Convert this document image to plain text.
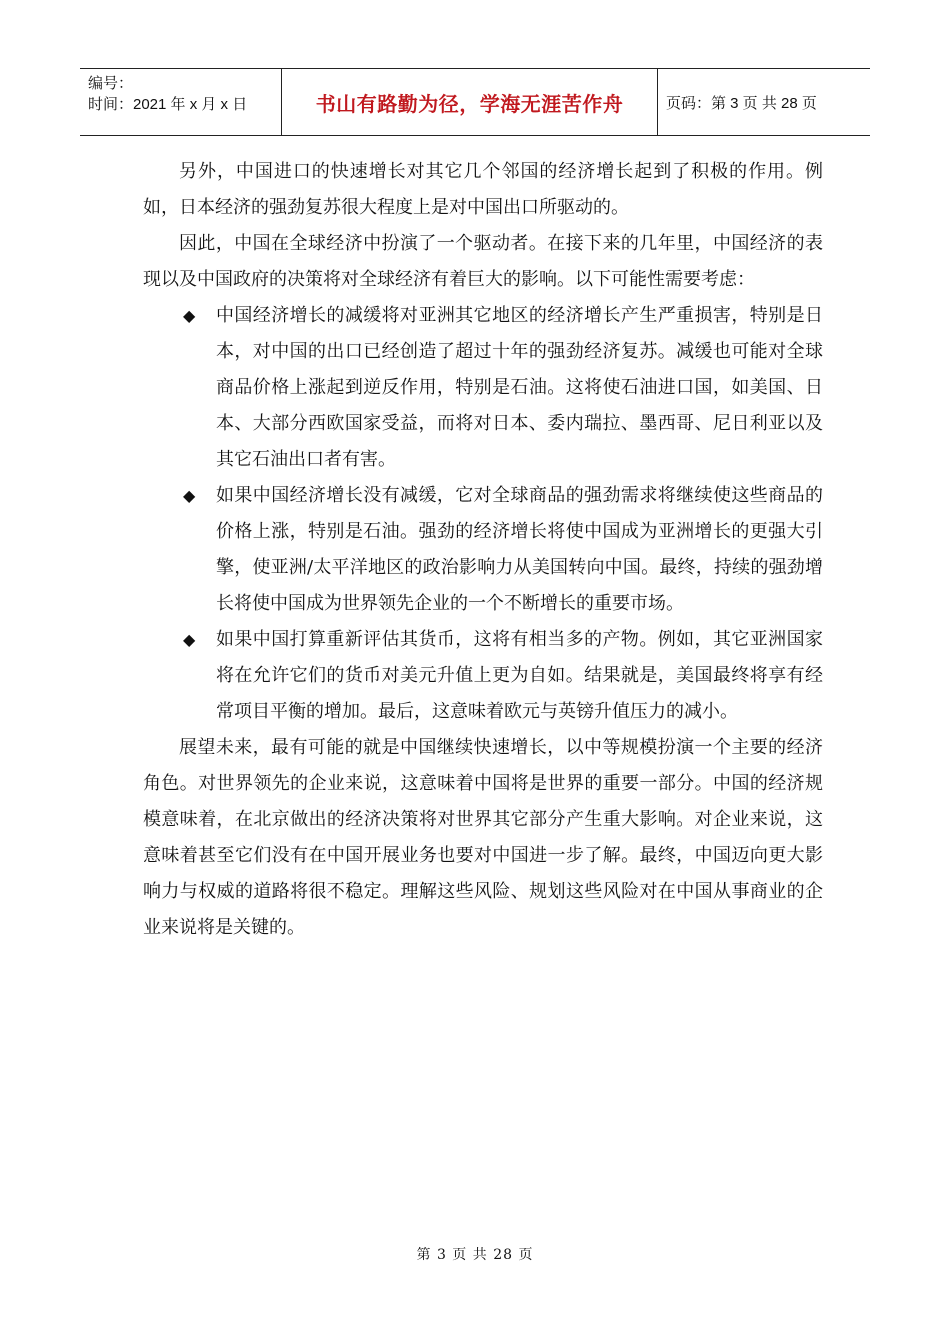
编号：
时间：2021 年 x 月 x 日	书山有路勤为径，学海无涯苦作舟	页码：第 3 页 共 28 页

另外，中国进口的快速增长对其它几个邻国的经济增长起到了积极的作用。例如，日本经济的强劲复苏很大程度上是对中国出口所驱动的。

因此，中国在全球经济中扮演了一个驱动者。在接下来的几年里，中国经济的表现以及中国政府的决策将对全球经济有着巨大的影响。以下可能性需要考虑：

◆ 中国经济增长的减缓将对亚洲其它地区的经济增长产生严重损害，特别是日本，对中国的出口已经创造了超过十年的强劲经济复苏。减缓也可能对全球商品价格上涨起到逆反作用，特别是石油。这将使石油进口国，如美国、日本、大部分西欧国家受益，而将对日本、委内瑞拉、墨西哥、尼日利亚以及其它石油出口者有害。
◆ 如果中国经济增长没有减缓，它对全球商品的强劲需求将继续使这些商品的价格上涨，特别是石油。强劲的经济增长将使中国成为亚洲增长的更强大引擎，使亚洲/太平洋地区的政治影响力从美国转向中国。最终，持续的强劲增长将使中国成为世界领先企业的一个不断增长的重要市场。
◆ 如果中国打算重新评估其货币，这将有相当多的产物。例如，其它亚洲国家将在允许它们的货币对美元升值上更为自如。结果就是，美国最终将享有经常项目平衡的增加。最后，这意味着欧元与英镑升值压力的减小。

展望未来，最有可能的就是中国继续快速增长，以中等规模扮演一个主要的经济角色。对世界领先的企业来说，这意味着中国将是世界的重要一部分。中国的经济规模意味着，在北京做出的经济决策将对世界其它部分产生重大影响。对企业来说，这意味着甚至它们没有在中国开展业务也要对中国进一步了解。最终，中国迈向更大影响力与权威的道路将很不稳定。理解这些风险、规划这些风险对在中国从事商业的企业来说将是关键的。

第 3 页 共 28 页
